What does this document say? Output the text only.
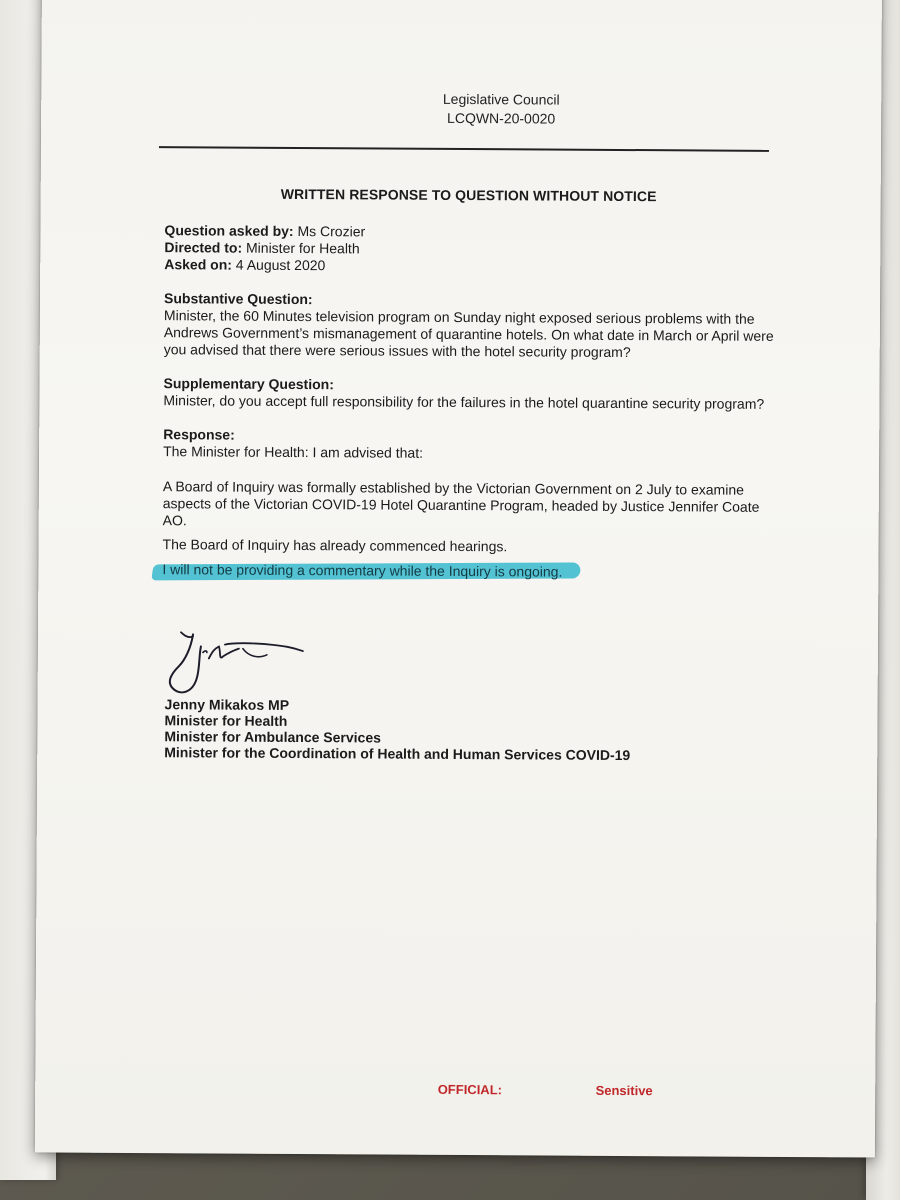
Legislative Council
LCQWN-20-0020
WRITTEN RESPONSE TO QUESTION WITHOUT NOTICE

Question asked by: Ms Crozier

Directed to: Minister for Health

Asked on: 4 August 2020

Substantive Question:

Minister, the 60 Minutes television program on Sunday night exposed serious problems with the Andrews Government’s mismanagement of quarantine hotels. On what date in March or April were you advised that there were serious issues with the hotel security program?

Supplementary Question:

Minister, do you accept full responsibility for the failures in the hotel quarantine security program?

Response:

The Minister for Health: I am advised that:

A Board of Inquiry was formally established by the Victorian Government on 2 July to examine aspects of the Victorian COVID-19 Hotel Quarantine Program, headed by Justice Jennifer Coate AO.

The Board of Inquiry has already commenced hearings.

I will not be providing a commentary while the Inquiry is ongoing.
Jenny Mikakos MP
Minister for Health
Minister for Ambulance Services
Minister for the Coordination of Health and Human Services COVID-19
OFFICIAL:	Sensitive
